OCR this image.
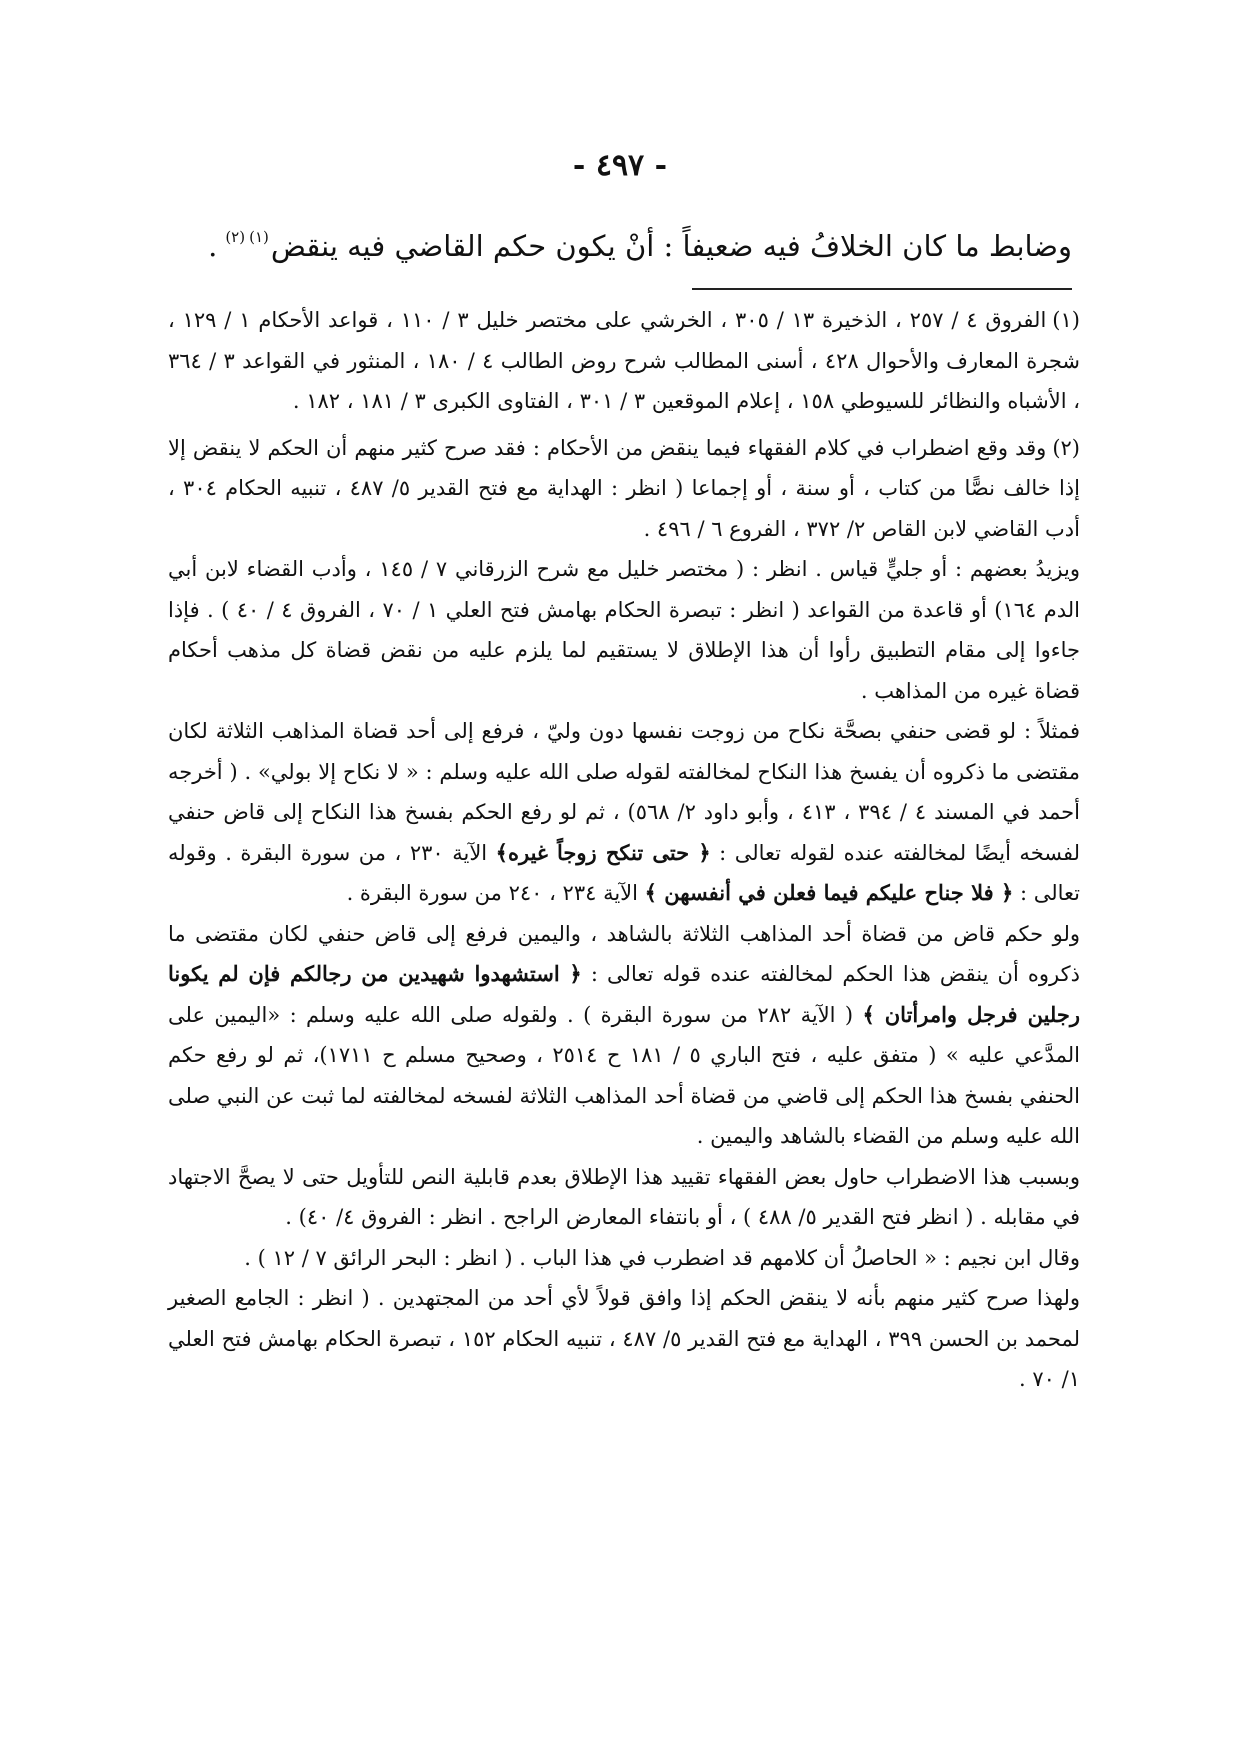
- ٤٩٧ -
وضابط ما كان الخلافُ فيه ضعيفاً : أنْ يكون حكم القاضي فيه ينقض$^{(١)(٢)}$.

(١)الفروق ٤ / ٢٥٧ ، الذخيرة ١٣ / ٣٠٥ ، الخرشي على مختصر خليل ٣ / ١١٠ ، قواعد الأحكام ١ / ١٢٩ ، شجرة المعارف والأحوال ٤٢٨ ، أسنى المطالب شرح روض الطالب ٤ / ١٨٠ ، المنثور في القواعد ٣ / ٣٦٤ ، الأشباه والنظائر للسيوطي ١٥٨ ، إعلام الموقعين ٣ / ٣٠١ ، الفتاوى الكبرى ٣ / ١٨١ ، ١٨٢ .

(٢)وقد وقع اضطراب في كلام الفقهاء فيما ينقض من الأحكام : فقد صرح كثير منهم أن الحكم لا ينقض إلا إذا خالف نصًّا من كتاب ، أو سنة ، أو إجماعا ( انظر : الهداية مع فتح القدير ٥/ ٤٨٧ ، تنبيه الحكام ٣٠٤ ، أدب القاضي لابن القاص ٢/ ٣٧٢ ، الفروع ٦ / ٤٩٦ .

ويزيدُ بعضهم : أو جليٍّ قياس . انظر : ( مختصر خليل مع شرح الزرقاني ٧ / ١٤٥ ، وأدب القضاء لابن أبي الدم ١٦٤) أو قاعدة من القواعد ( انظر : تبصرة الحكام بهامش فتح العلي ١ / ٧٠ ، الفروق ٤ / ٤٠ ) . فإذا جاءوا إلى مقام التطبيق رأوا أن هذا الإطلاق لا يستقيم لما يلزم عليه من نقض قضاة كل مذهب أحكام قضاة غيره من المذاهب .

فمثلاً : لو قضى حنفي بصحَّة نكاح من زوجت نفسها دون وليّ ، فرفع إلى أحد قضاة المذاهب الثلاثة لكان مقتضى ما ذكروه أن يفسخ هذا النكاح لمخالفته لقوله صلى الله عليه وسلم : « لا نكاح إلا بولي» . ( أخرجه أحمد في المسند ٤ / ٣٩٤ ، ٤١٣ ، وأبو داود ٢/ ٥٦٨) ، ثم لو رفع الحكم بفسخ هذا النكاح إلى قاض حنفي لفسخه أيضًا لمخالفته عنده لقوله تعالى : ﴿ حتى تنكح زوجاً غيره﴾ الآية ٢٣٠ ، من سورة البقرة . وقوله تعالى : ﴿ فلا جناح عليكم فيما فعلن في أنفسهن ﴾ الآية ٢٣٤ ، ٢٤٠ من سورة البقرة .

ولو حكم قاض من قضاة أحد المذاهب الثلاثة بالشاهد ، واليمين فرفع إلى قاض حنفي لكان مقتضى ما ذكروه أن ينقض هذا الحكم لمخالفته عنده قوله تعالى : ﴿ استشهدوا شهيدين من رجالكم فإن لم يكونا رجلين فرجل وامرأتان ﴾ ( الآية ٢٨٢ من سورة البقرة ) . ولقوله صلى الله عليه وسلم : «اليمين على المدَّعي عليه » ( متفق عليه ، فتح الباري ٥ / ١٨١ ح ٢٥١٤ ، وصحيح مسلم ح ١٧١١)، ثم لو رفع حكم الحنفي بفسخ هذا الحكم إلى قاضي من قضاة أحد المذاهب الثلاثة لفسخه لمخالفته لما ثبت عن النبي صلى الله عليه وسلم من القضاء بالشاهد واليمين .

وبسبب هذا الاضطراب حاول بعض الفقهاء تقييد هذا الإطلاق بعدم قابلية النص للتأويل حتى لا يصحَّ الاجتهاد في مقابله . ( انظر فتح القدير ٥/ ٤٨٨ ) ، أو بانتفاء المعارض الراجح . انظر : الفروق ٤/ ٤٠) .

وقال ابن نجيم : « الحاصلُ أن كلامهم قد اضطرب في هذا الباب . ( انظر : البحر الرائق ٧ / ١٢ ) .

ولهذا صرح كثير منهم بأنه لا ينقض الحكم إذا وافق قولاً لأي أحد من المجتهدين . ( انظر : الجامع الصغير لمحمد بن الحسن ٣٩٩ ، الهداية مع فتح القدير ٥/ ٤٨٧ ، تنبيه الحكام ١٥٢ ، تبصرة الحكام بهامش فتح العلي ١/ ٧٠ .
